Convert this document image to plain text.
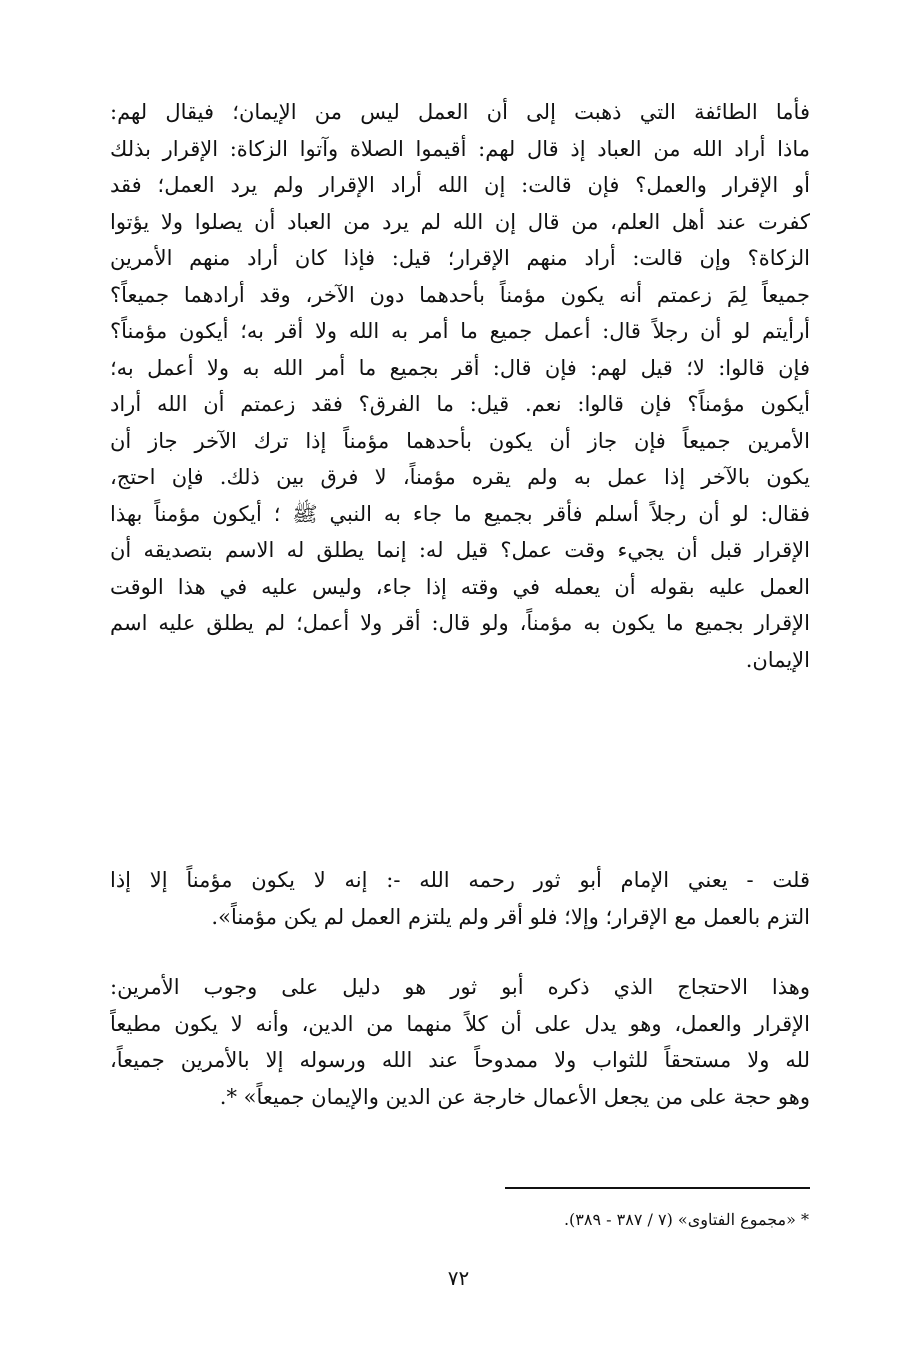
فأما الطائفة التي ذهبت إلى أن العمل ليس من الإيمان؛ فيقال لهم:
ماذا أراد الله من العباد إذ قال لهم: أقيموا الصلاة وآتوا الزكاة: الإقرار بذلك
أو الإقرار والعمل؟ فإن قالت: إن الله أراد الإقرار ولم يرد العمل؛ فقد
كفرت عند أهل العلم، من قال إن الله لم يرد من العباد أن يصلوا ولا يؤتوا
الزكاة؟ وإن قالت: أراد منهم الإقرار؛ قيل: فإذا كان أراد منهم الأمرين
جميعاً لِمَ زعمتم أنه يكون مؤمناً بأحدهما دون الآخر، وقد أرادهما جميعاً؟
أرأيتم لو أن رجلاً قال: أعمل جميع ما أمر به الله ولا أقر به؛ أيكون مؤمناً؟
فإن قالوا: لا؛ قيل لهم: فإن قال: أقر بجميع ما أمر الله به ولا أعمل به؛
أيكون مؤمناً؟ فإن قالوا: نعم. قيل: ما الفرق؟ فقد زعمتم أن الله أراد
الأمرين جميعاً فإن جاز أن يكون بأحدهما مؤمناً إذا ترك الآخر جاز أن
يكون بالآخر إذا عمل به ولم يقره مؤمناً، لا فرق بين ذلك. فإن احتج،
فقال: لو أن رجلاً أسلم فأقر بجميع ما جاء به النبي ﷺ ؛ أيكون مؤمناً بهذا
الإقرار قبل أن يجيء وقت عمل؟ قيل له: إنما يطلق له الاسم بتصديقه أن
العمل عليه بقوله أن يعمله في وقته إذا جاء، وليس عليه في هذا الوقت
الإقرار بجميع ما يكون به مؤمناً، ولو قال: أقر ولا أعمل؛ لم يطلق عليه اسم
الإيمان.
قلت - يعني الإمام أبو ثور رحمه الله -: إنه لا يكون مؤمناً إلا إذا
التزم بالعمل مع الإقرار؛ وإلا؛ فلو أقر ولم يلتزم العمل لم يكن مؤمناً».
وهذا الاحتجاج الذي ذكره أبو ثور هو دليل على وجوب الأمرين:
الإقرار والعمل، وهو يدل على أن كلاً منهما من الدين، وأنه لا يكون مطيعاً
لله ولا مستحقاً للثواب ولا ممدوحاً عند الله ورسوله إلا بالأمرين جميعاً،
وهو حجة على من يجعل الأعمال خارجة عن الدين والإيمان جميعاً» *.
* «مجموع الفتاوى» (٧ / ٣٨٧ - ٣٨٩).
٧٢
